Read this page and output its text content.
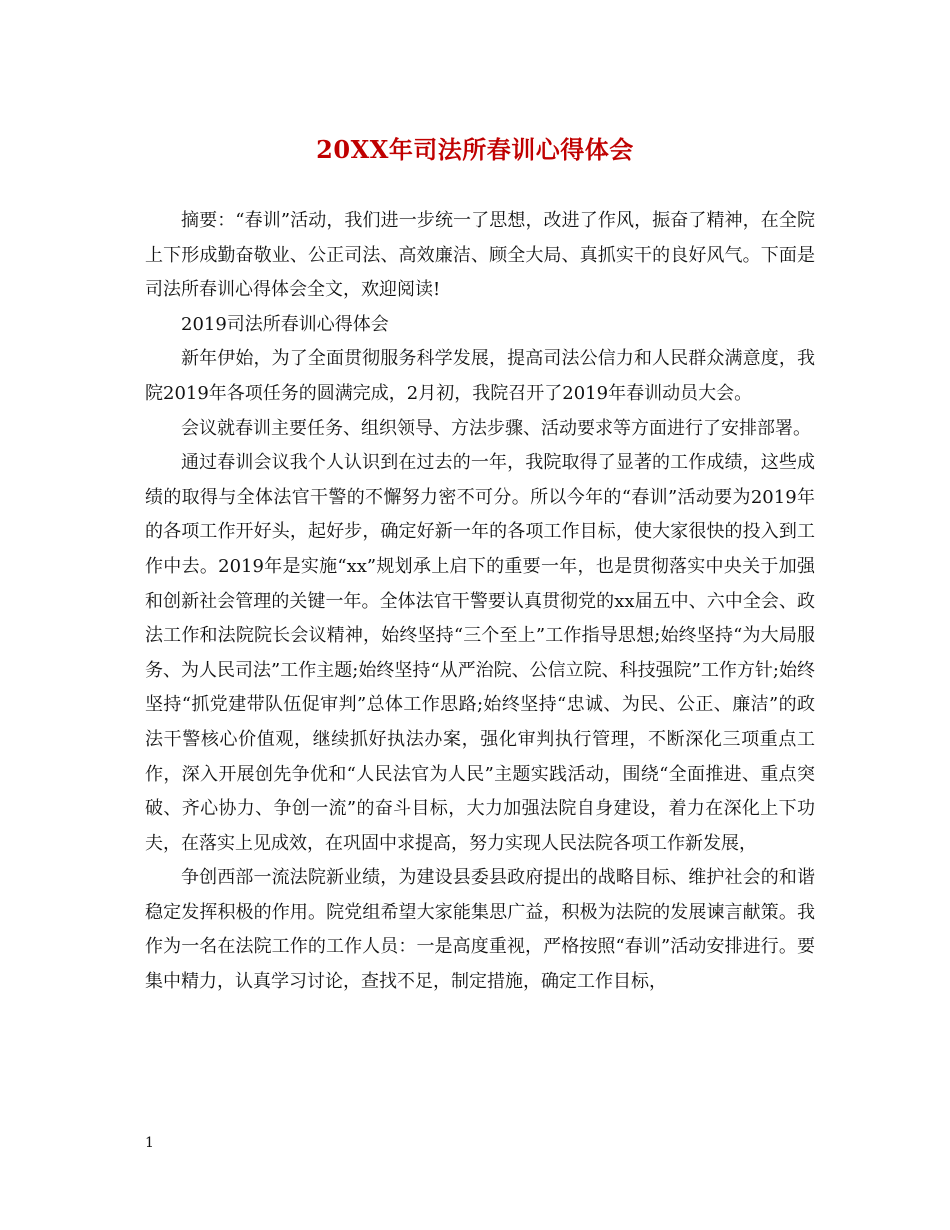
20XX年司法所春训心得体会

摘要：“春训”活动，我们进一步统一了思想，改进了作风，振奋了精神，在全院上下形成勤奋敬业、公正司法、高效廉洁、顾全大局、真抓实干的良好风气。下面是司法所春训心得体会全文，欢迎阅读!

2019司法所春训心得体会

新年伊始，为了全面贯彻服务科学发展，提高司法公信力和人民群众满意度，我院2019年各项任务的圆满完成，2月初，我院召开了2019年春训动员大会。

会议就春训主要任务、组织领导、方法步骤、活动要求等方面进行了安排部署。

通过春训会议我个人认识到在过去的一年，我院取得了显著的工作成绩，这些成绩的取得与全体法官干警的不懈努力密不可分。所以今年的“春训”活动要为2019年的各项工作开好头，起好步，确定好新一年的各项工作目标，使大家很快的投入到工作中去。2019年是实施“xx”规划承上启下的重要一年，也是贯彻落实中央关于加强和创新社会管理的关键一年。全体法官干警要认真贯彻党的xx届五中、六中全会、政法工作和法院院长会议精神，始终坚持“三个至上”工作指导思想;始终坚持“为大局服务、为人民司法”工作主题;始终坚持“从严治院、公信立院、科技强院”工作方针;始终坚持“抓党建带队伍促审判”总体工作思路;始终坚持“忠诚、为民、公正、廉洁”的政法干警核心价值观，继续抓好执法办案，强化审判执行管理，不断深化三项重点工作，深入开展创先争优和“人民法官为人民”主题实践活动，围绕“全面推进、重点突破、齐心协力、争创一流”的奋斗目标，大力加强法院自身建设，着力在深化上下功夫，在落实上见成效，在巩固中求提高，努力实现人民法院各项工作新发展，

争创西部一流法院新业绩，为建设县委县政府提出的战略目标、维护社会的和谐稳定发挥积极的作用。院党组希望大家能集思广益，积极为法院的发展谏言献策。我作为一名在法院工作的工作人员：一是高度重视，严格按照“春训”活动安排进行。要集中精力，认真学习讨论，查找不足，制定措施，确定工作目标，

1
